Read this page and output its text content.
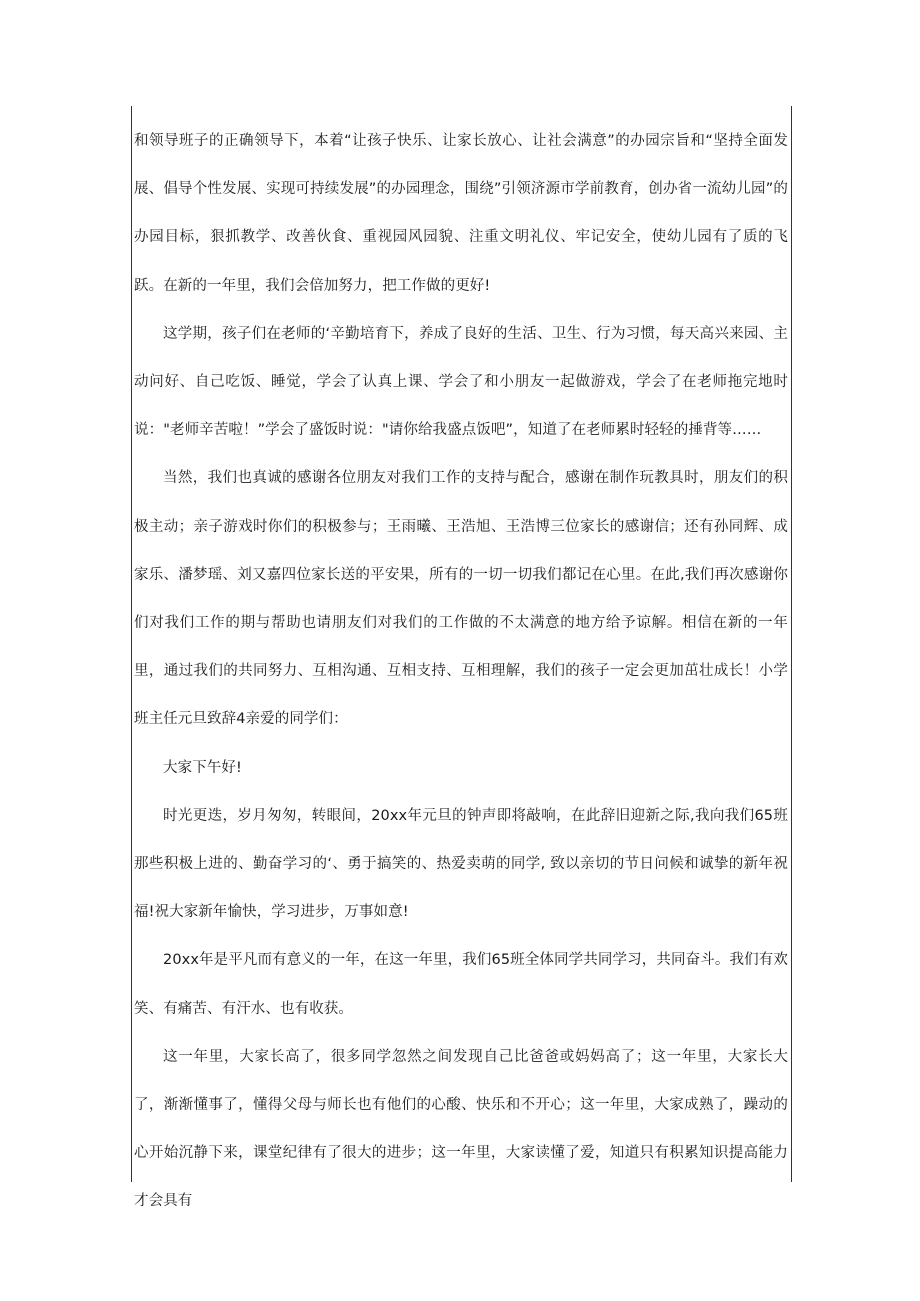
和领导班子的正确领导下，本着“让孩子快乐、让家长放心、让社会满意”的办园宗旨和“坚持全面发展、倡导个性发展、实现可持续发展”的办园理念，围绕”引领济源市学前教育，创办省一流幼儿园”的办园目标，狠抓教学、改善伙食、重视园风园貌、注重文明礼仪、牢记安全，使幼儿园有了质的飞跃。在新的一年里，我们会倍加努力，把工作做的更好!

这学期，孩子们在老师的‘辛勤培育下，养成了良好的生活、卫生、行为习惯，每天高兴来园、主动问好、自己吃饭、睡觉，学会了认真上课、学会了和小朋友一起做游戏，学会了在老师拖完地时说："老师辛苦啦！”学会了盛饭时说："请你给我盛点饭吧”，知道了在老师累时轻轻的捶背等……

当然，我们也真诚的感谢各位朋友对我们工作的支持与配合，感谢在制作玩教具时，朋友们的积极主动；亲子游戏时你们的积极参与；王雨曦、王浩旭、王浩博三位家长的感谢信；还有孙同辉、成家乐、潘梦瑶、刘又嘉四位家长送的平安果，所有的一切一切我们都记在心里。在此,我们再次感谢你们对我们工作的期与帮助也请朋友们对我们的工作做的不太满意的地方给予谅解。相信在新的一年里，通过我们的共同努力、互相沟通、互相支持、互相理解，我们的孩子一定会更加茁壮成长！小学班主任元旦致辞4亲爱的同学们：

大家下午好!

时光更迭，岁月匆匆，转眼间，20xx年元旦的钟声即将敲响，在此辞旧迎新之际,我向我们65班那些积极上进的、勤奋学习的‘、勇于搞笑的、热爱卖萌的同学, 致以亲切的节日问候和诚挚的新年祝福!祝大家新年愉快，学习进步，万事如意!

20xx年是平凡而有意义的一年，在这一年里，我们65班全体同学共同学习，共同奋斗。我们有欢笑、有痛苦、有汗水、也有收获。

这一年里，大家长高了，很多同学忽然之间发现自己比爸爸或妈妈高了；这一年里，大家长大了，渐渐懂事了，懂得父母与师长也有他们的心酸、快乐和不开心；这一年里，大家成熟了，躁动的心开始沉静下来，课堂纪律有了很大的进步；这一年里，大家读懂了爱，知道只有积累知识提高能力才会具有
